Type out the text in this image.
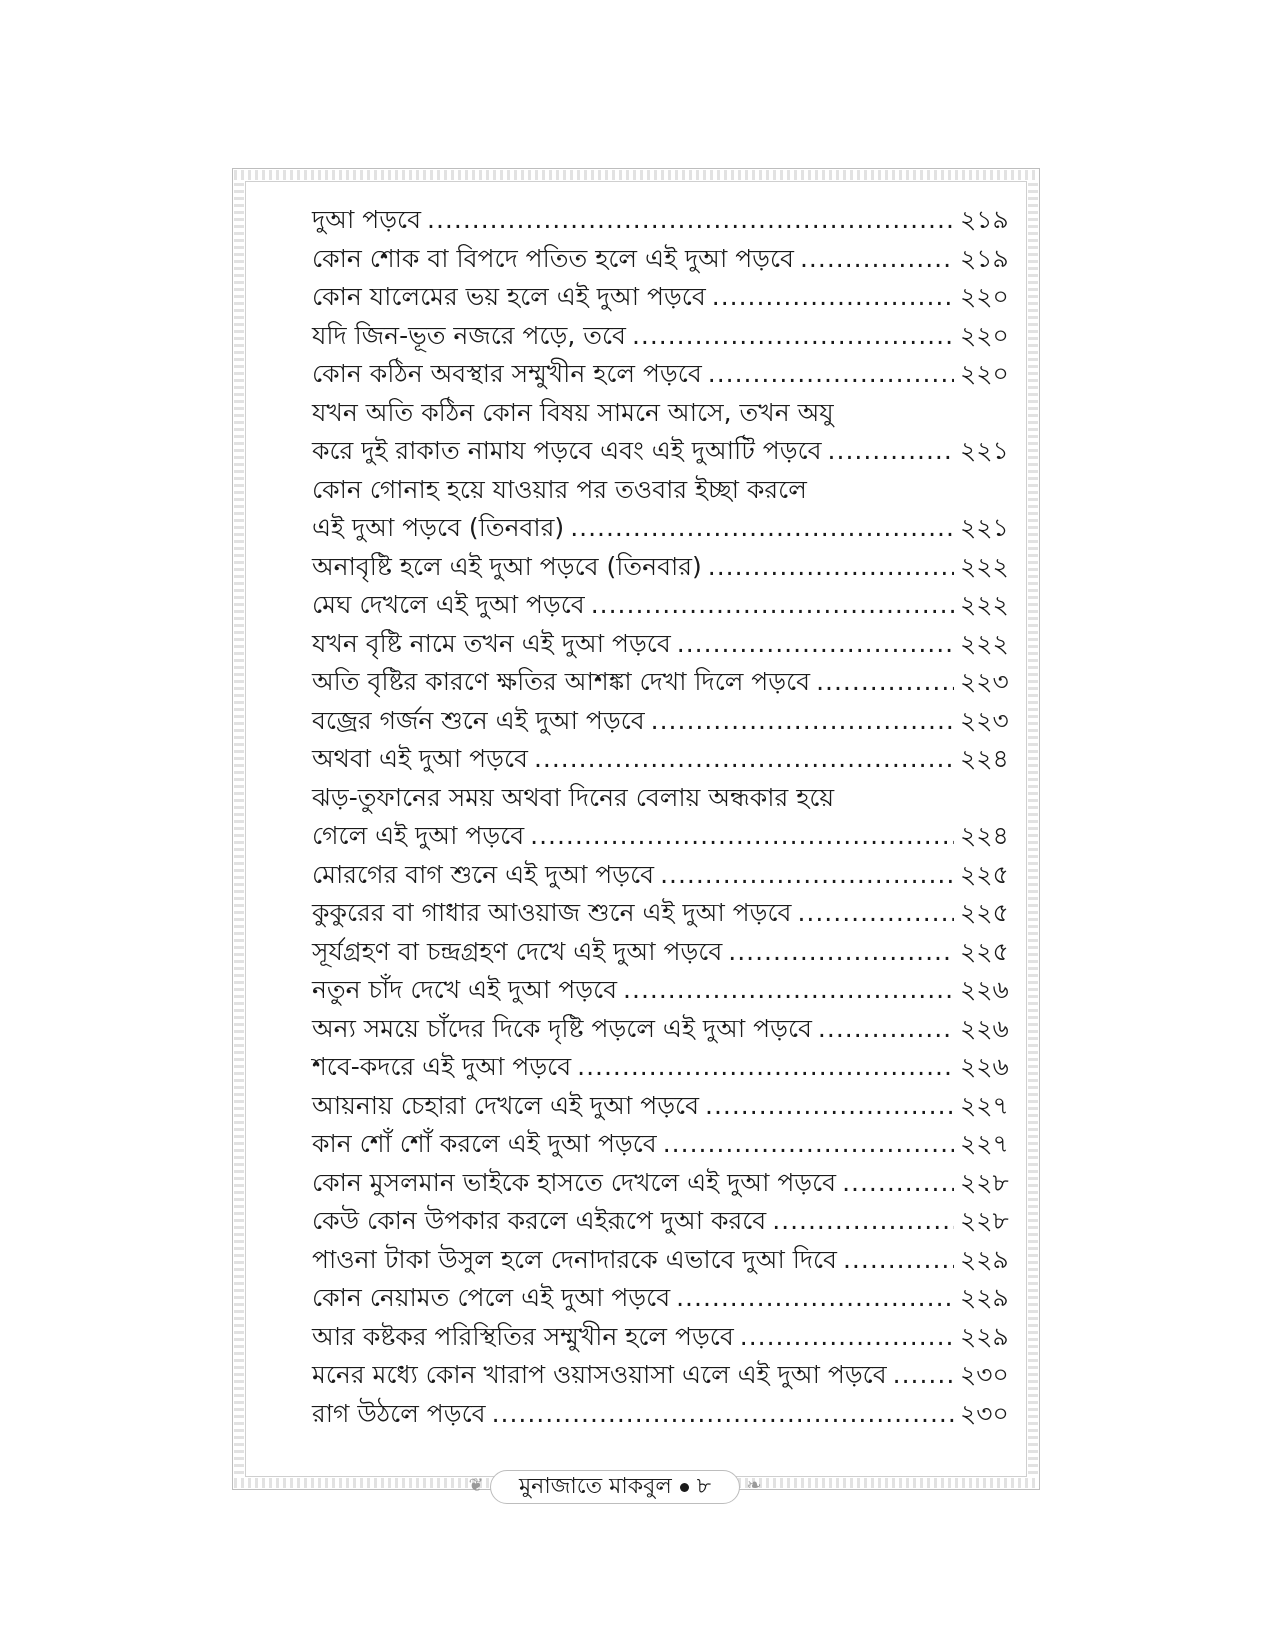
দুআ পড়বে .....	২১৯
কোন শোক বা বিপদে পতিত হলে এই দুআ পড়বে .....	২১৯
কোন যালেমের ভয় হলে এই দুআ পড়বে .....	২২০
যদি জিন-ভূত নজরে পড়ে, তবে .....	২২০
কোন কঠিন অবস্থার সম্মুখীন হলে পড়বে .....	২২০
যখন অতি কঠিন কোন বিষয় সামনে আসে, তখন অযু
করে দুই রাকাত নামায পড়বে এবং এই দুআটি পড়বে .....	২২১
কোন গোনাহ হয়ে যাওয়ার পর তওবার ইচ্ছা করলে
এই দুআ পড়বে (তিনবার) .....	২২১
অনাবৃষ্টি হলে এই দুআ পড়বে (তিনবার) .....	২২২
মেঘ দেখলে এই দুআ পড়বে .....	২২২
যখন বৃষ্টি নামে তখন এই দুআ পড়বে .....	২২২
অতি বৃষ্টির কারণে ক্ষতির আশঙ্কা দেখা দিলে পড়বে .....	২২৩
বজ্রের গর্জন শুনে এই দুআ পড়বে .....	২২৩
অথবা এই দুআ পড়বে .....	২২৪
ঝড়-তুফানের সময় অথবা দিনের বেলায় অন্ধকার হয়ে
গেলে এই দুআ পড়বে .....	২২৪
মোরগের বাগ শুনে এই দুআ পড়বে .....	২২৫
কুকুরের বা গাধার আওয়াজ শুনে এই দুআ পড়বে .....	২২৫
সূর্যগ্রহণ বা চন্দ্রগ্রহণ দেখে এই দুআ পড়বে .....	২২৫
নতুন চাঁদ দেখে এই দুআ পড়বে .....	২২৬
অন্য সময়ে চাঁদের দিকে দৃষ্টি পড়লে এই দুআ পড়বে .....	২২৬
শবে-কদরে এই দুআ পড়বে .....	২২৬
আয়নায় চেহারা দেখলে এই দুআ পড়বে .....	২২৭
কান শোঁ শোঁ করলে এই দুআ পড়বে .....	২২৭
কোন মুসলমান ভাইকে হাসতে দেখলে এই দুআ পড়বে .....	২২৮
কেউ কোন উপকার করলে এইরূপে দুআ করবে .....	২২৮
পাওনা টাকা উসুল হলে দেনাদারকে এভাবে দুআ দিবে .....	২২৯
কোন নেয়ামত পেলে এই দুআ পড়বে .....	২২৯
আর কষ্টকর পরিস্থিতির সম্মুখীন হলে পড়বে .....	২২৯
মনের মধ্যে কোন খারাপ ওয়াসওয়াসা এলে এই দুআ পড়বে .....	২৩০
রাগ উঠলে পড়বে .....	২৩০
❦ মুনাজাতে মাকবুল ৮ ❧
